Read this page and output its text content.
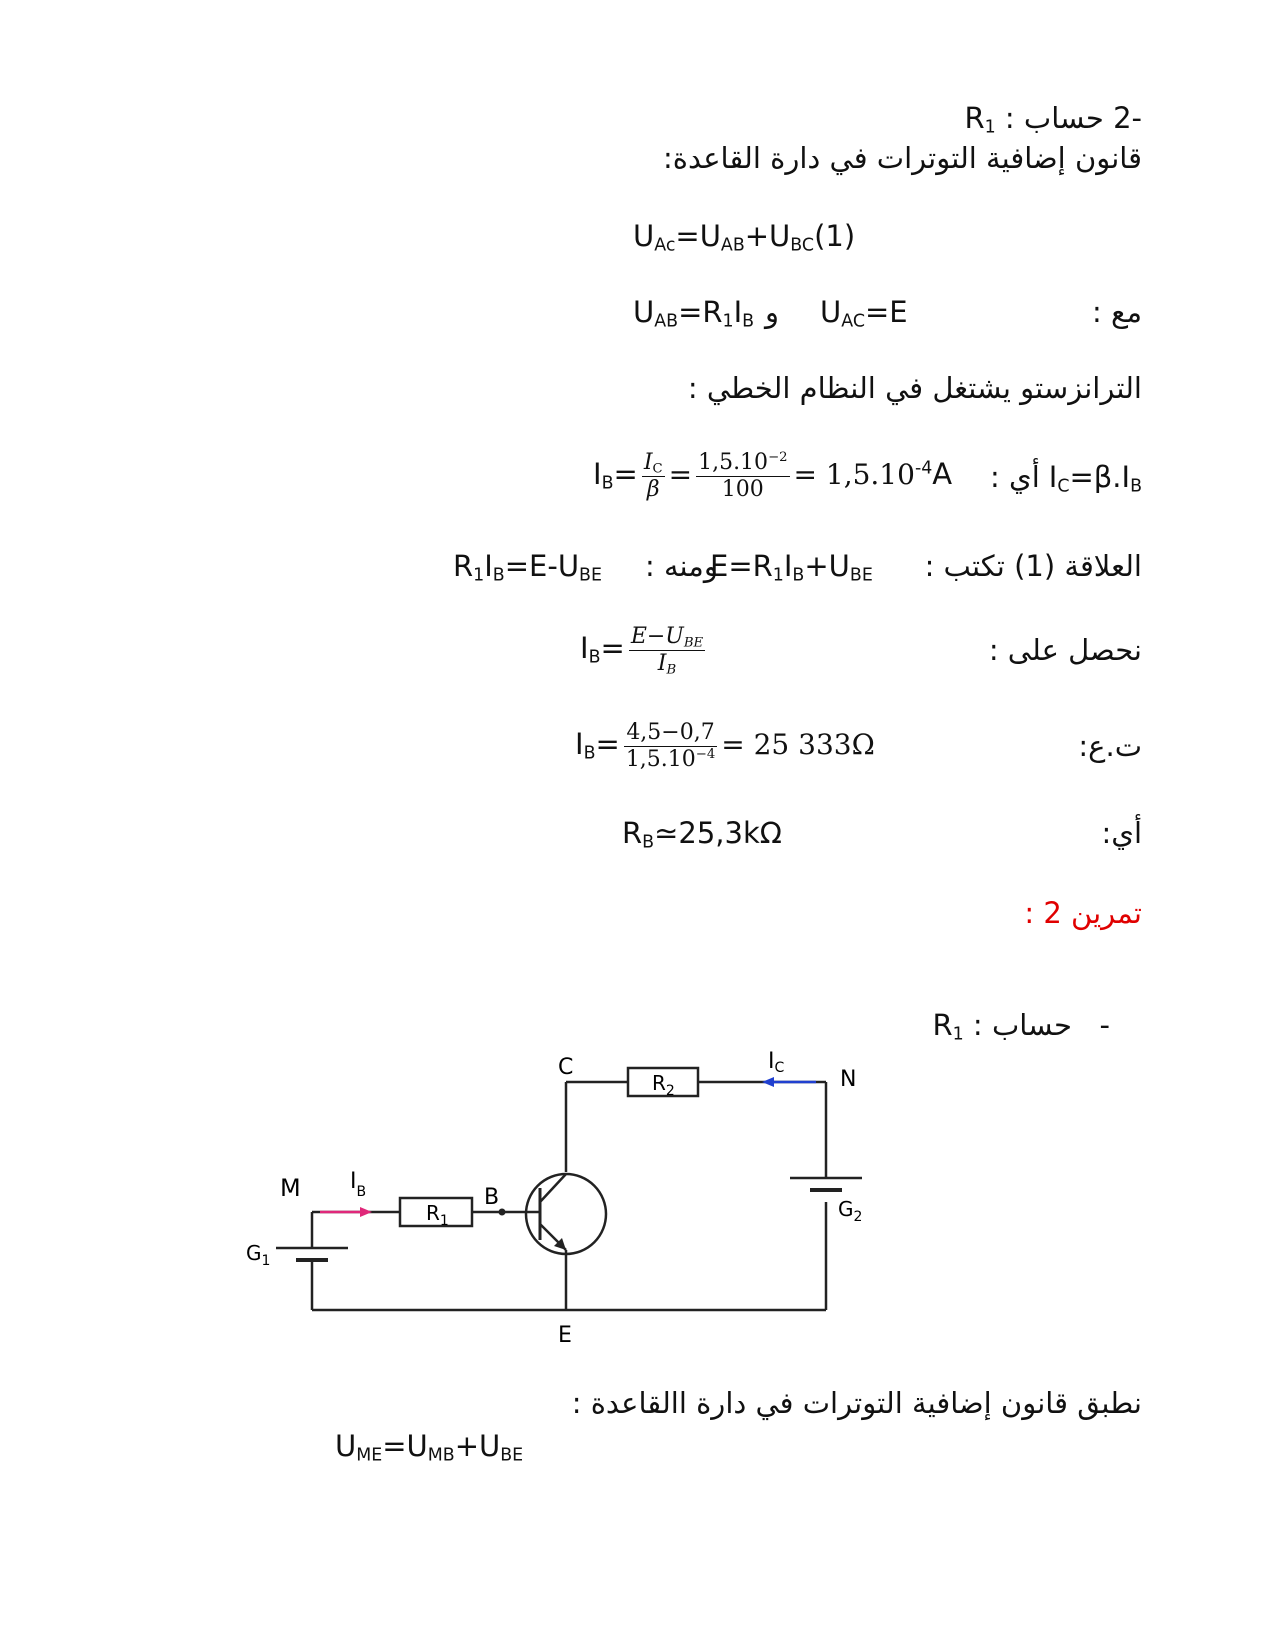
-2 حساب $R_1$ :
قانون إضافية التوترات في دارة القاعدة:
$U_{Ac}=U_{AB}+U_{BC}(1)$
مع :
$U_{AC}=E$
و
$U_{AB}=R_1I_B$
الترانزستو يشتغل في النظام الخطي :
$I_C=\beta.I_B$
أي :
$I_B= \frac{I_C}{\beta} = \frac{1,5.10^{-2}}{100} = 1,5.10^{-4}A$
العلاقة (1) تكتب :
$E=R_1I_B+U_{BE}$
ومنه :
$R_1I_B=E-U_{BE}$
نحصل على :
$I_B= \frac{E-U_{BE}}{I_B}$
ت.ع:
$I_B= \frac{4,5-0,7}{1,5.10^{-4}} = 25$ 333Ω
أي:
$R_B≃25,3k\Omega$
تمرين 2 :
-   حساب $R_1$ :
C	N
M
E
B
$R_1$
$R_2$
$G_1$
$G_2$
$I_B$
IC
نطبق قانون إضافية التوترات في دارة االقاعدة :
$U_{ME}=U_{MB}+U_{BE}$
